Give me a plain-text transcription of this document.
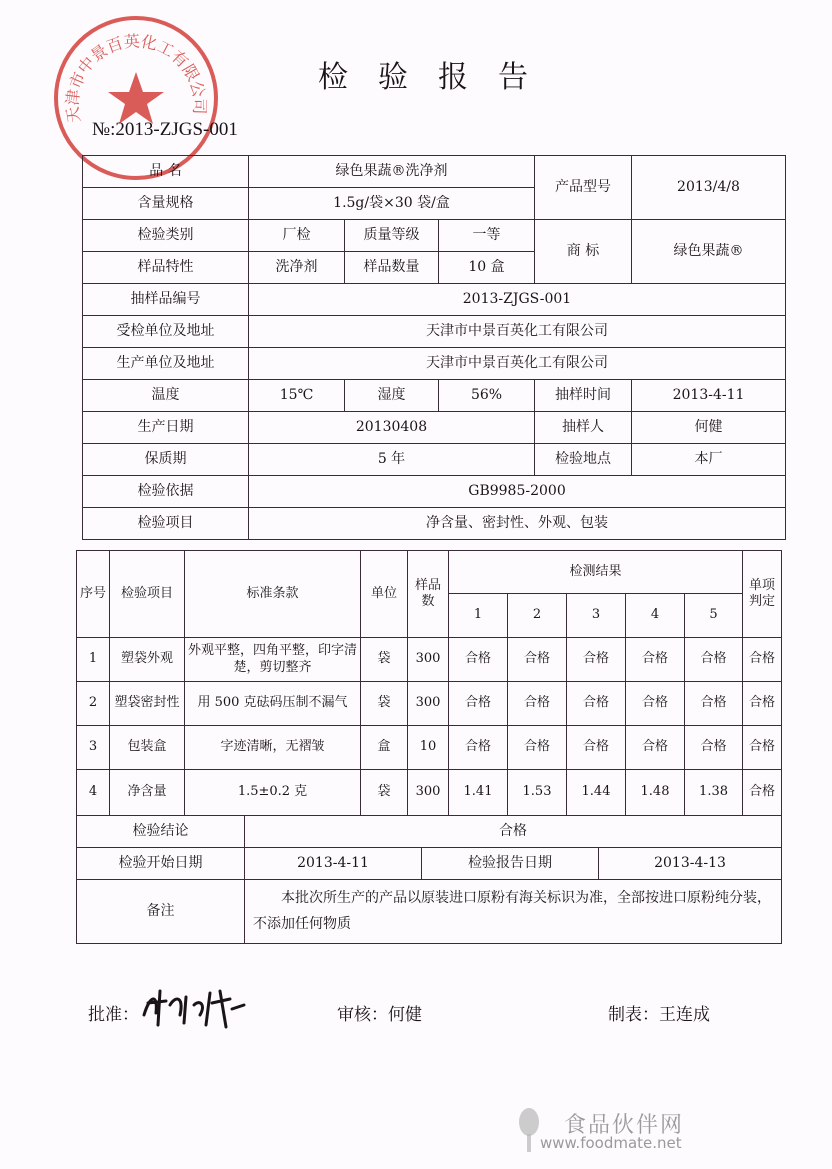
天津市中景百英化工有限公司
检验报告
№:2013-ZJGS-001
品 名	绿色果蔬®洗净剂			产品型号	2013/4/8
含量规格	1.5g/袋×30 袋/盒				
检验类别	厂检	质量等级	一等	商 标	绿色果蔬®
样品特性	洗净剂	样品数量	10 盒		
抽样品编号	2013-ZJGS-001				
受检单位及地址	天津市中景百英化工有限公司				
生产单位及地址	天津市中景百英化工有限公司				
温度	15℃	湿度	56%	抽样时间	2013-4-11
生产日期	20130408			抽样人	何健
保质期	5 年			检验地点	本厂
检验依据	GB9985-2000				
检验项目	净含量、密封性、外观、包装				
序号	检验项目	标准条款	单位	样品数	检测结果					单项判定
					1	2	3	4	5	
1	塑袋外观	外观平整，四角平整，印字清楚，剪切整齐	袋	300	合格	合格	合格	合格	合格	合格
2	塑袋密封性	用 500 克砝码压制不漏气	袋	300	合格	合格	合格	合格	合格	合格
3	包装盒	字迹清晰，无褶皱	盒	10	合格	合格	合格	合格	合格	合格
4	净含量	1.5±0.2 克	袋	300	1.41	1.53	1.44	1.48	1.38	合格
检验结论	合格		
检验开始日期	2013-4-11	检验报告日期	2013-4-13
备注	本批次所生产的产品以原装进口原粉有海关标识为准，全部按进口原粉纯分装，不添加任何物质		
批准：	审核：何健	制表：王连成
食品伙伴网
www.foodmate.net
